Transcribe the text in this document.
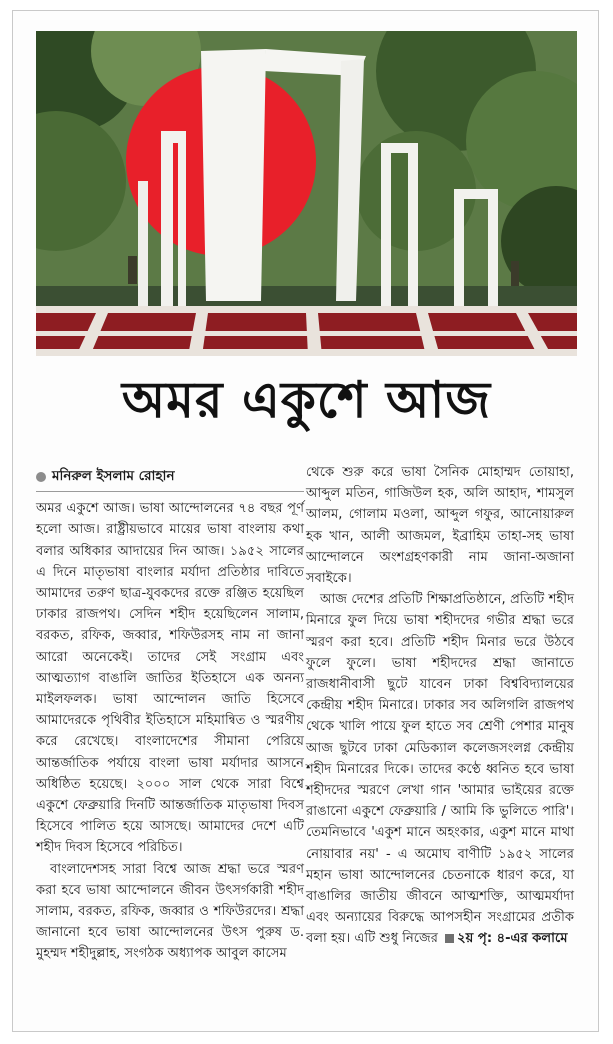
অমর একুশে আজ
মনিরুল ইসলাম রোহান

অমর একুশে আজ। ভাষা আন্দোলনের ৭৪ বছর পূর্ণ হলো আজ। রাষ্ট্রীয়ভাবে মায়ের ভাষা বাংলায় কথা বলার অধিকার আদায়ের দিন আজ। ১৯৫২ সালের এ দিনে মাতৃভাষা বাংলার মর্যাদা প্রতিষ্ঠার দাবিতে আমাদের তরুণ ছাত্র-যুবকদের রক্তে রঞ্জিত হয়েছিল ঢাকার রাজপথ। সেদিন শহীদ হয়েছিলেন সালাম, বরকত, রফিক, জব্বার, শফিউরসহ নাম না জানা আরো অনেকেই। তাদের সেই সংগ্রাম এবং আত্মত্যাগ বাঙালি জাতির ইতিহাসে এক অনন্য মাইলফলক। ভাষা আন্দোলন জাতি হিসেবে আমাদেরকে পৃথিবীর ইতিহাসে মহিমান্বিত ও স্মরণীয় করে রেখেছে। বাংলাদেশের সীমানা পেরিয়ে আন্তর্জাতিক পর্যায়ে বাংলা ভাষা মর্যাদার আসনে অধিষ্ঠিত হয়েছে। ২০০০ সাল থেকে সারা বিশ্বে একুশে ফেব্রুয়ারি দিনটি আন্তর্জাতিক মাতৃভাষা দিবস হিসেবে পালিত হয়ে আসছে। আমাদের দেশে এটি শহীদ দিবস হিসেবে পরিচিত।

বাংলাদেশসহ সারা বিশ্বে আজ শ্রদ্ধা ভরে স্মরণ করা হবে ভাষা আন্দোলনে জীবন উৎসর্গকারী শহীদ সালাম, বরকত, রফিক, জব্বার ও শফিউরদের। শ্রদ্ধা জানানো হবে ভাষা আন্দোলনের উৎস পুরুষ ড. মুহম্মদ শহীদুল্লাহ, সংগঠক অধ্যাপক আবুল কাসেম

থেকে শুরু করে ভাষা সৈনিক মোহাম্মদ তোয়াহা, আব্দুল মতিন, গাজিউল হক, অলি আহাদ, শামসুল আলম, গোলাম মওলা, আব্দুল গফুর, আনোয়ারুল হক খান, আলী আজমল, ইব্রাহিম তাহা-সহ ভাষা আন্দোলনে অংশগ্রহণকারী নাম জানা-অজানা সবাইকে।

আজ দেশের প্রতিটি শিক্ষাপ্রতিষ্ঠানে, প্রতিটি শহীদ মিনারে ফুল দিয়ে ভাষা শহীদদের গভীর শ্রদ্ধা ভরে স্মরণ করা হবে। প্রতিটি শহীদ মিনার ভরে উঠবে ফুলে ফুলে। ভাষা শহীদদের শ্রদ্ধা জানাতে রাজধানীবাসী ছুটে যাবেন ঢাকা বিশ্ববিদ্যালয়ের কেন্দ্রীয় শহীদ মিনারে। ঢাকার সব অলিগলি রাজপথ থেকে খালি পায়ে ফুল হাতে সব শ্রেণী পেশার মানুষ আজ ছুটবে ঢাকা মেডিক্যাল কলেজসংলগ্ন কেন্দ্রীয় শহীদ মিনারের দিকে। তাদের কণ্ঠে ধ্বনিত হবে ভাষা শহীদদের স্মরণে লেখা গান 'আমার ভাইয়ের রক্তে রাঙানো একুশে ফেব্রুয়ারি / আমি কি ভুলিতে পারি'। তেমনিভাবে 'একুশ মানে অহংকার, একুশ মানে মাথা নোয়াবার নয়' - এ অমোঘ বাণীটি ১৯৫২ সালের মহান ভাষা আন্দোলনের চেতনাকে ধারণ করে, যা বাঙালির জাতীয় জীবনে আত্মশক্তি, আত্মমর্যাদা এবং অন্যায়ের বিরুদ্ধে আপসহীন সংগ্রামের প্রতীক বলা হয়। এটি শুধু নিজের ২য় পৃ: ৪-এর কলামে
